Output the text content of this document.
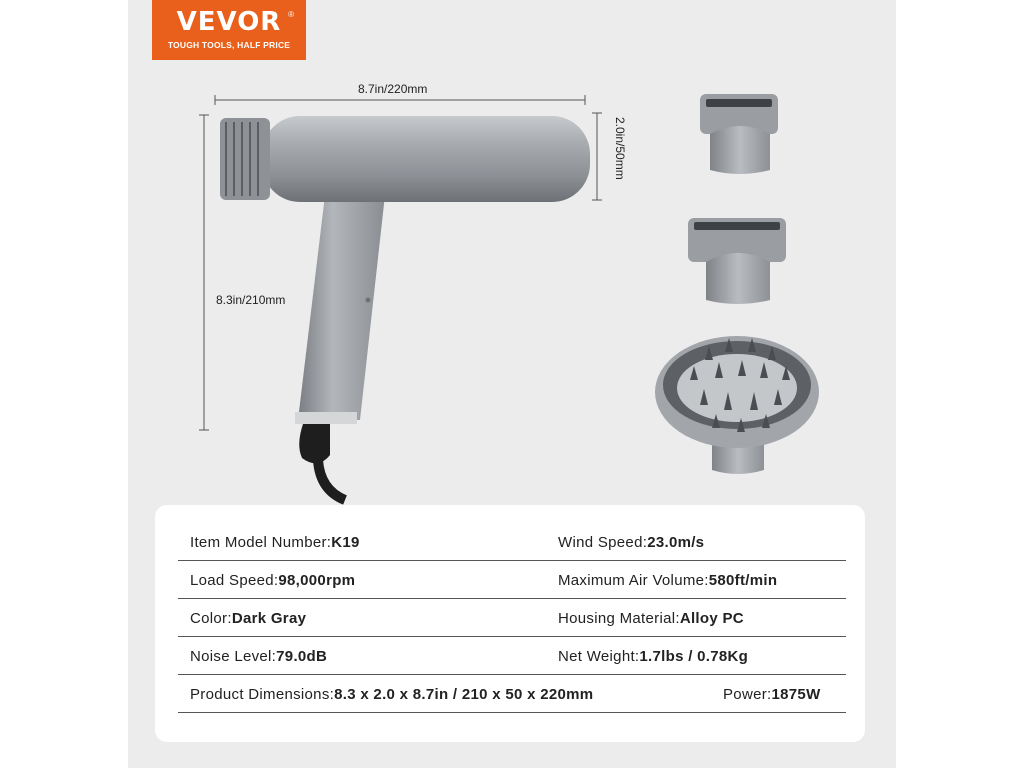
VEVOR ®
TOUGH TOOLS, HALF PRICE
8.7in/220mm
2.0in/50mm
8.3in/210mm
Item Model Number:K19	Wind Speed:23.0m/s
Load Speed:98,000rpm	Maximum Air Volume:580ft/min
Color:Dark Gray	Housing Material:Alloy PC
Noise Level:79.0dB	Net Weight:1.7lbs / 0.78Kg
Product Dimensions:8.3 x 2.0 x 8.7in / 210 x 50 x 220mm	Power:1875W
